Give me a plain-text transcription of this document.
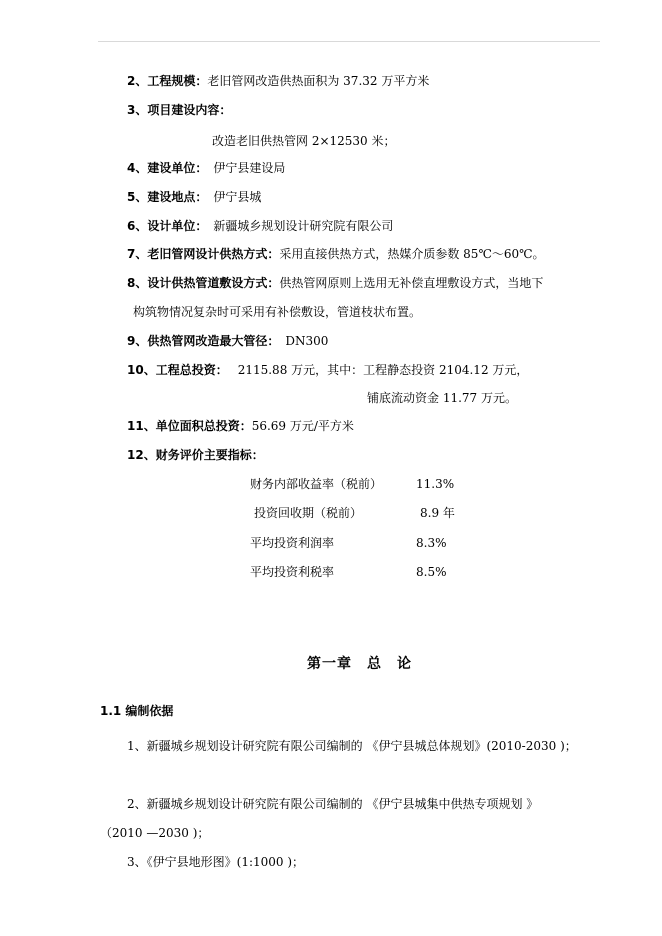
2、工程规模：老旧管网改造供热面积为 37.32 万平方米
3、项目建设内容：
改造老旧供热管网 2×12530 米；
4、建设单位： 伊宁县建设局
5、建设地点： 伊宁县城
6、设计单位： 新疆城乡规划设计研究院有限公司
7、老旧管网设计供热方式：采用直接供热方式，热媒介质参数 85℃～60℃。
8、设计供热管道敷设方式：供热管网原则上选用无补偿直埋敷设方式，当地下
构筑物情况复杂时可采用有补偿敷设，管道枝状布置。
9、供热管网改造最大管径： DN300
10、工程总投资： 2115.88 万元，其中：工程静态投资 2104.12 万元，
铺底流动资金 11.77 万元。
11、单位面积总投资：56.69 万元/平方米
12、财务评价主要指标：
财务内部收益率（税前）	11.3%
投资回收期（税前）	8.9 年
平均投资利润率	8.3%
平均投资利税率	8.5%
第一章　总　论
1.1 编制依据
1、新疆城乡规划设计研究院有限公司编制的 《伊宁县城总体规划》(2010-2030 )；
2、新疆城乡规划设计研究院有限公司编制的 《伊宁县城集中供热专项规划 》
（2010 —2030 )；
3、《伊宁县地形图》(1:1000 )；
